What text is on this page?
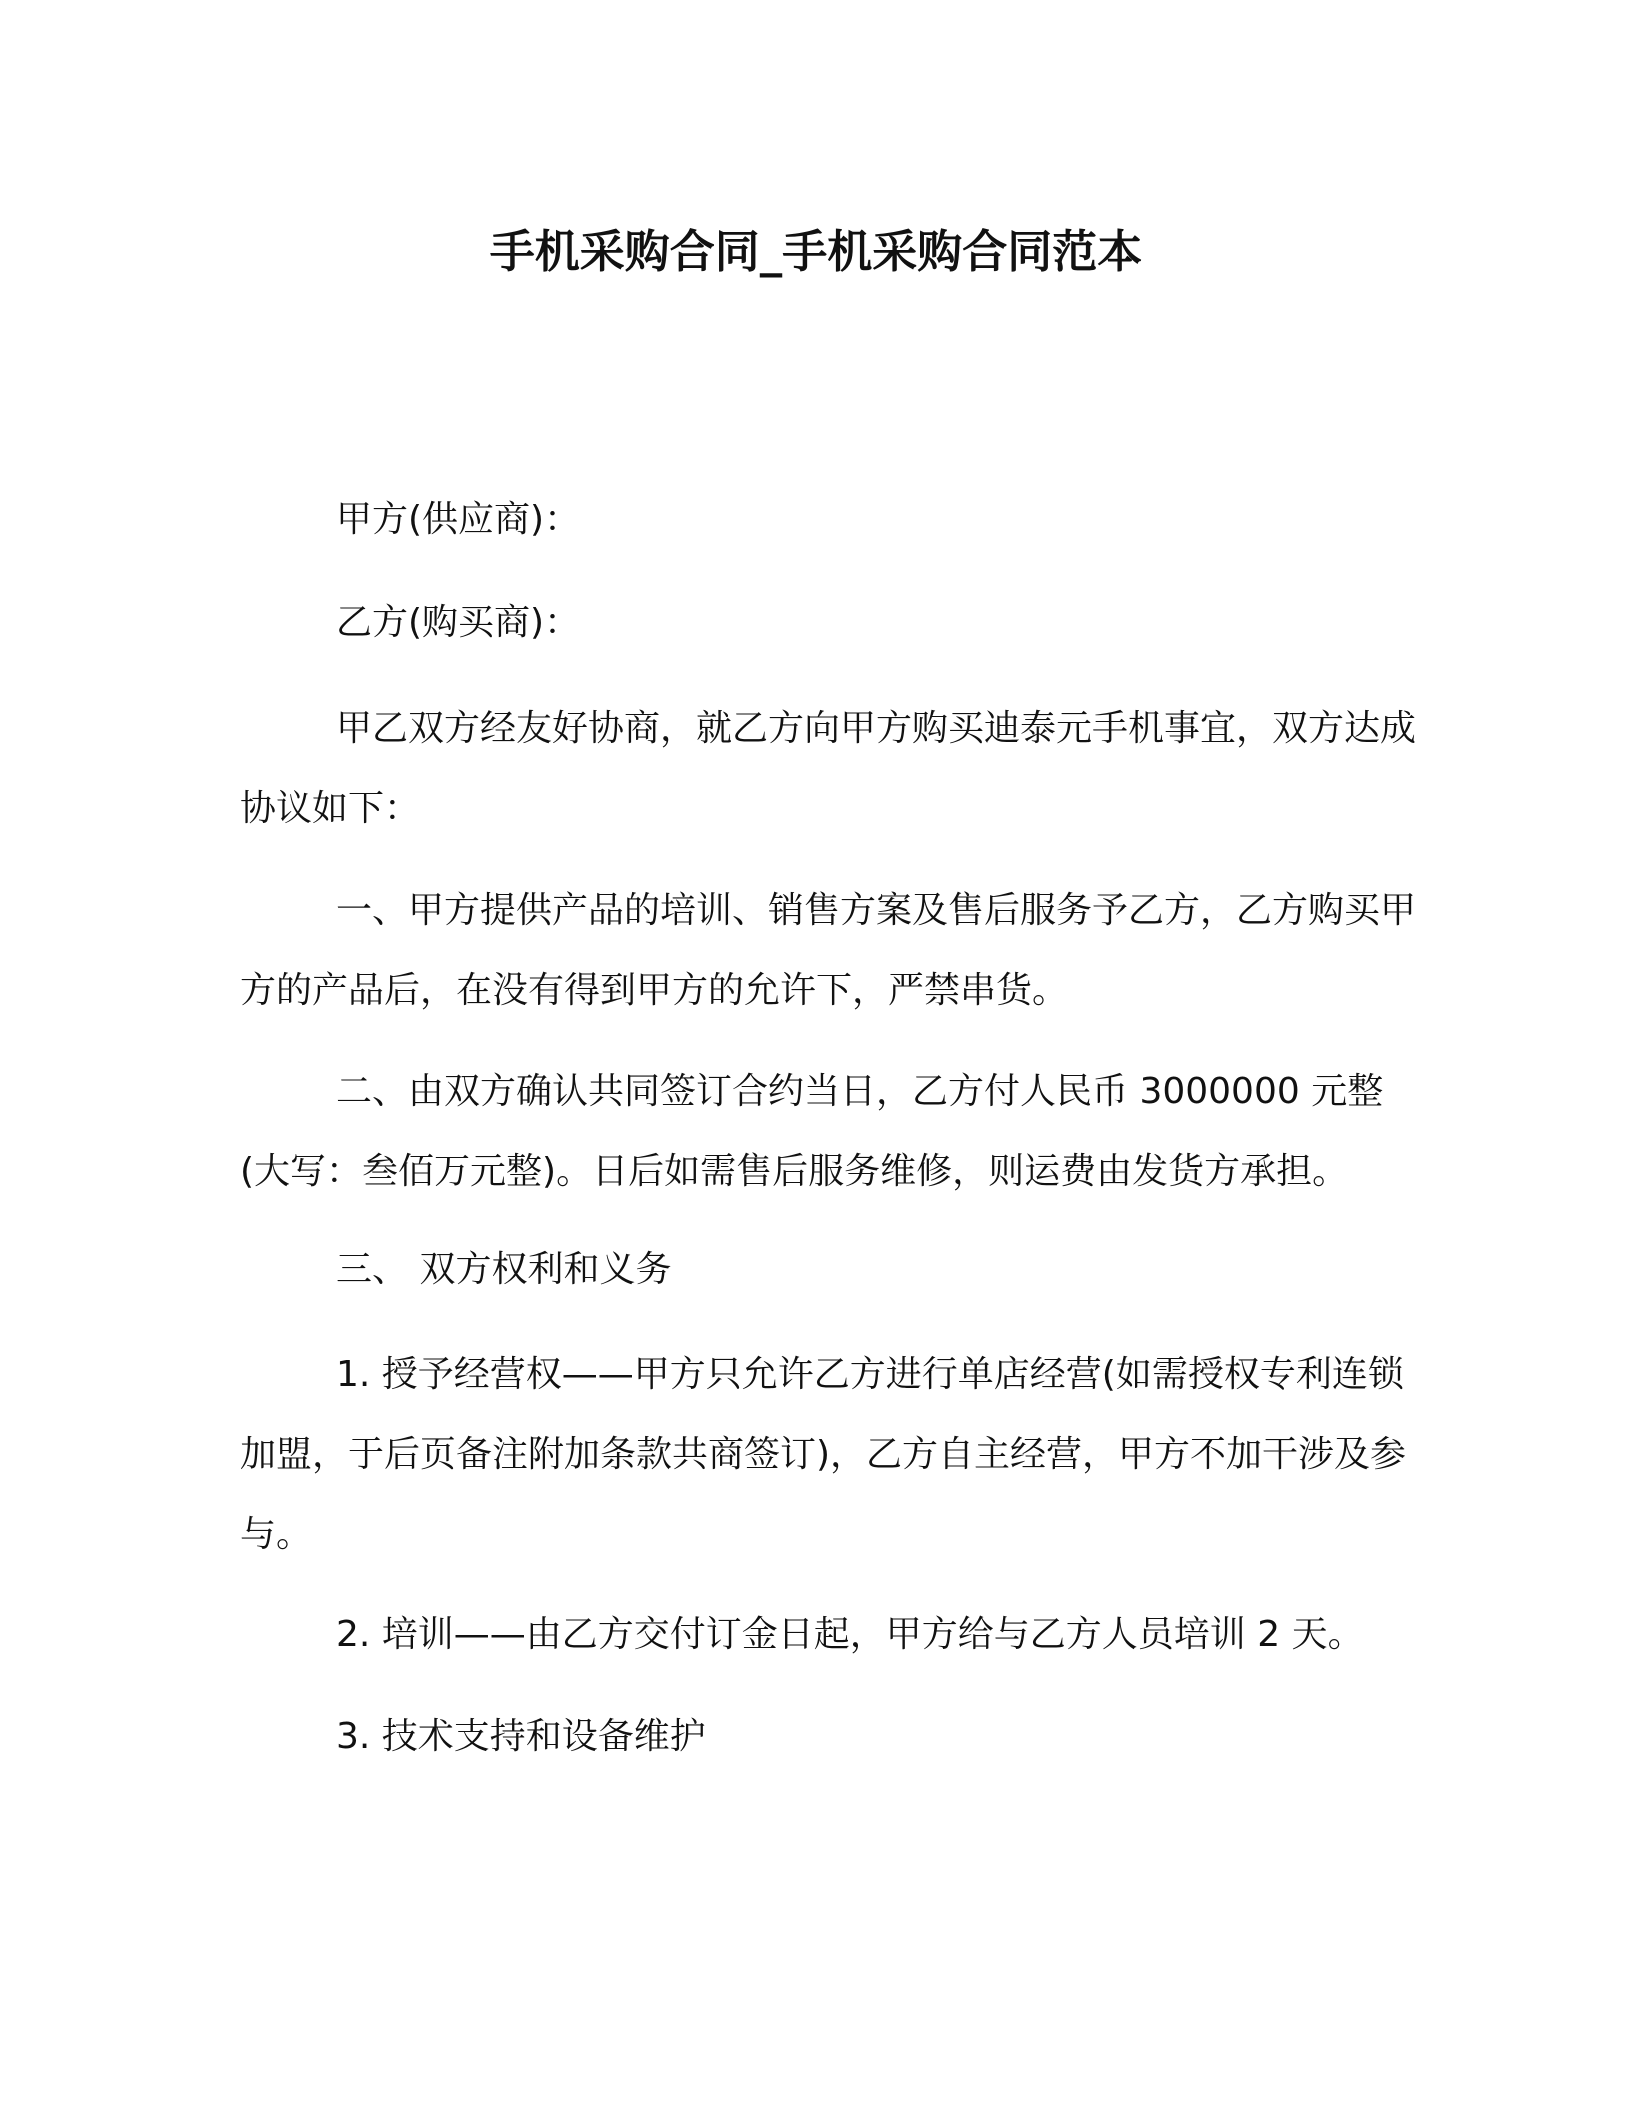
手机采购合同_手机采购合同范本

甲方(供应商)：

乙方(购买商)：

甲乙双方经友好协商，就乙方向甲方购买迪泰元手机事宜，双方达成协议如下：

一、甲方提供产品的培训、销售方案及售后服务予乙方，乙方购买甲方的产品后，在没有得到甲方的允许下，严禁串货。

二、由双方确认共同签订合约当日，乙方付人民币 3000000 元整(大写：叁佰万元整)。日后如需售后服务维修，则运费由发货方承担。

三、 双方权利和义务

1. 授予经营权——甲方只允许乙方进行单店经营(如需授权专利连锁加盟，于后页备注附加条款共商签订)，乙方自主经营，甲方不加干涉及参与。

2. 培训——由乙方交付订金日起，甲方给与乙方人员培训 2 天。

3. 技术支持和设备维护
